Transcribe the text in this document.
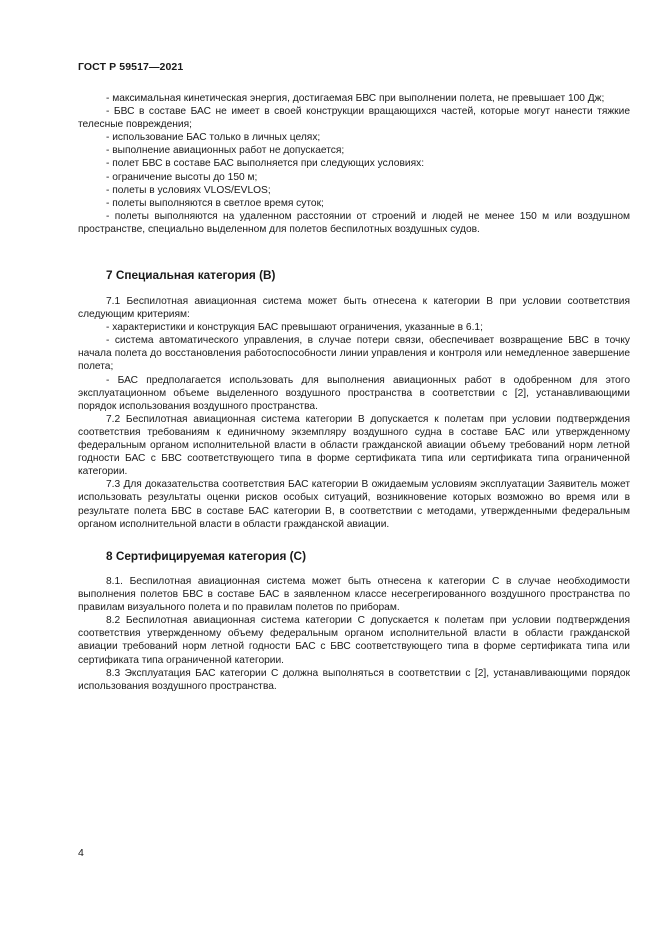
ГОСТ Р 59517—2021

- максимальная кинетическая энергия, достигаемая БВС при выполнении полета, не превышает 100 Дж;

- БВС в составе БАС не имеет в своей конструкции вращающихся частей, которые могут нанести тяжкие телесные повреждения;

- использование БАС только в личных целях;

- выполнение авиационных работ не допускается;

- полет БВС в составе БАС выполняется при следующих условиях:

- ограничение высоты до 150 м;

- полеты в условиях VLOS/EVLOS;

- полеты выполняются в светлое время суток;

- полеты выполняются на удаленном расстоянии от строений и людей не менее 150 м или воздушном пространстве, специально выделенном для полетов беспилотных воздушных судов.

7 Специальная категория (В)

7.1 Беспилотная авиационная система может быть отнесена к категории В при условии соответствия следующим критериям:

- характеристики и конструкция БАС превышают ограничения, указанные в 6.1;

- система автоматического управления, в случае потери связи, обеспечивает возвращение БВС в точку начала полета до восстановления работоспособности линии управления и контроля или немедленное завершение полета;

- БАС предполагается использовать для выполнения авиационных работ в одобренном для этого эксплуатационном объеме выделенного воздушного пространства в соответствии с [2], устанавливающими порядок использования воздушного пространства.

7.2 Беспилотная авиационная система категории В допускается к полетам при условии подтверждения соответствия требованиям к единичному экземпляру воздушного судна в составе БАС или утвержденному федеральным органом исполнительной власти в области гражданской авиации объему требований норм летной годности БАС с БВС соответствующего типа в форме сертификата типа или сертификата типа ограниченной категории.

7.3 Для доказательства соответствия БАС категории В ожидаемым условиям эксплуатации Заявитель может использовать результаты оценки рисков особых ситуаций, возникновение которых возможно во время или в результате полета БВС в составе БАС категории В, в соответствии с методами, утвержденными федеральным органом исполнительной власти в области гражданской авиации.

8 Сертифицируемая категория (С)

8.1. Беспилотная авиационная система может быть отнесена к категории С в случае необходимости выполнения полетов БВС в составе БАС в заявленном классе несегрегированного воздушного пространства по правилам визуального полета и по правилам полетов по приборам.

8.2 Беспилотная авиационная система категории С допускается к полетам при условии подтверждения соответствия утвержденному объему федеральным органом исполнительной власти в области гражданской авиации требований норм летной годности БАС с БВС соответствующего типа в форме сертификата типа или сертификата типа ограниченной категории.

8.3 Эксплуатация БАС категории С должна выполняться в соответствии с [2], устанавливающими порядок использования воздушного пространства.

4
